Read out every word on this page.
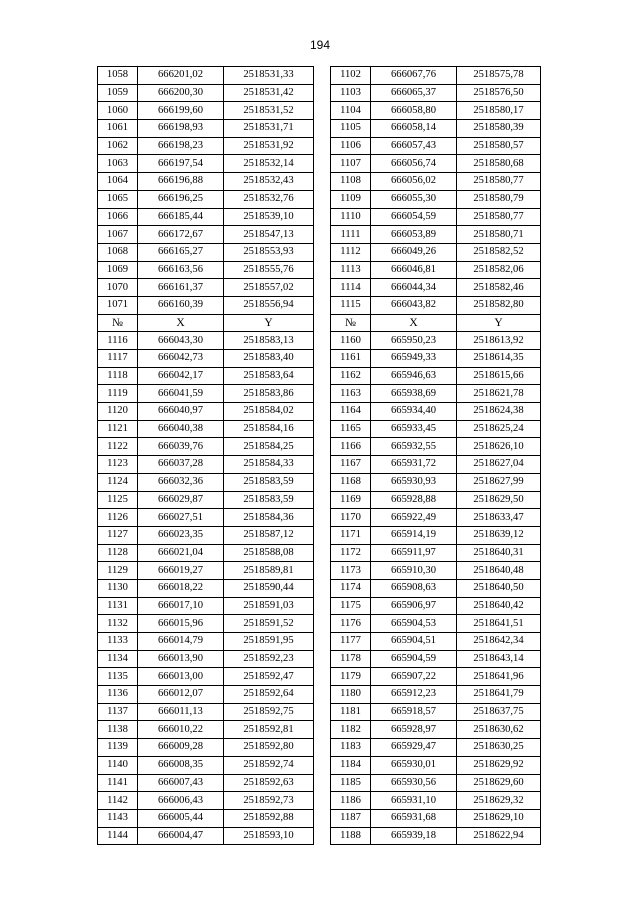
194
1058	666201,02	2518531,33		1102	666067,76	2518575,78
1059	666200,30	2518531,42		1103	666065,37	2518576,50
1060	666199,60	2518531,52		1104	666058,80	2518580,17
1061	666198,93	2518531,71		1105	666058,14	2518580,39
1062	666198,23	2518531,92		1106	666057,43	2518580,57
1063	666197,54	2518532,14		1107	666056,74	2518580,68
1064	666196,88	2518532,43		1108	666056,02	2518580,77
1065	666196,25	2518532,76		1109	666055,30	2518580,79
1066	666185,44	2518539,10		1110	666054,59	2518580,77
1067	666172,67	2518547,13		1111	666053,89	2518580,71
1068	666165,27	2518553,93		1112	666049,26	2518582,52
1069	666163,56	2518555,76		1113	666046,81	2518582,06
1070	666161,37	2518557,02		1114	666044,34	2518582,46
1071	666160,39	2518556,94		1115	666043,82	2518582,80
№	X	Y		№	X	Y
1116	666043,30	2518583,13		1160	665950,23	2518613,92
1117	666042,73	2518583,40		1161	665949,33	2518614,35
1118	666042,17	2518583,64		1162	665946,63	2518615,66
1119	666041,59	2518583,86		1163	665938,69	2518621,78
1120	666040,97	2518584,02		1164	665934,40	2518624,38
1121	666040,38	2518584,16		1165	665933,45	2518625,24
1122	666039,76	2518584,25		1166	665932,55	2518626,10
1123	666037,28	2518584,33		1167	665931,72	2518627,04
1124	666032,36	2518583,59		1168	665930,93	2518627,99
1125	666029,87	2518583,59		1169	665928,88	2518629,50
1126	666027,51	2518584,36		1170	665922,49	2518633,47
1127	666023,35	2518587,12		1171	665914,19	2518639,12
1128	666021,04	2518588,08		1172	665911,97	2518640,31
1129	666019,27	2518589,81		1173	665910,30	2518640,48
1130	666018,22	2518590,44		1174	665908,63	2518640,50
1131	666017,10	2518591,03		1175	665906,97	2518640,42
1132	666015,96	2518591,52		1176	665904,53	2518641,51
1133	666014,79	2518591,95		1177	665904,51	2518642,34
1134	666013,90	2518592,23		1178	665904,59	2518643,14
1135	666013,00	2518592,47		1179	665907,22	2518641,96
1136	666012,07	2518592,64		1180	665912,23	2518641,79
1137	666011,13	2518592,75		1181	665918,57	2518637,75
1138	666010,22	2518592,81		1182	665928,97	2518630,62
1139	666009,28	2518592,80		1183	665929,47	2518630,25
1140	666008,35	2518592,74		1184	665930,01	2518629,92
1141	666007,43	2518592,63		1185	665930,56	2518629,60
1142	666006,43	2518592,73		1186	665931,10	2518629,32
1143	666005,44	2518592,88		1187	665931,68	2518629,10
1144	666004,47	2518593,10		1188	665939,18	2518622,94
